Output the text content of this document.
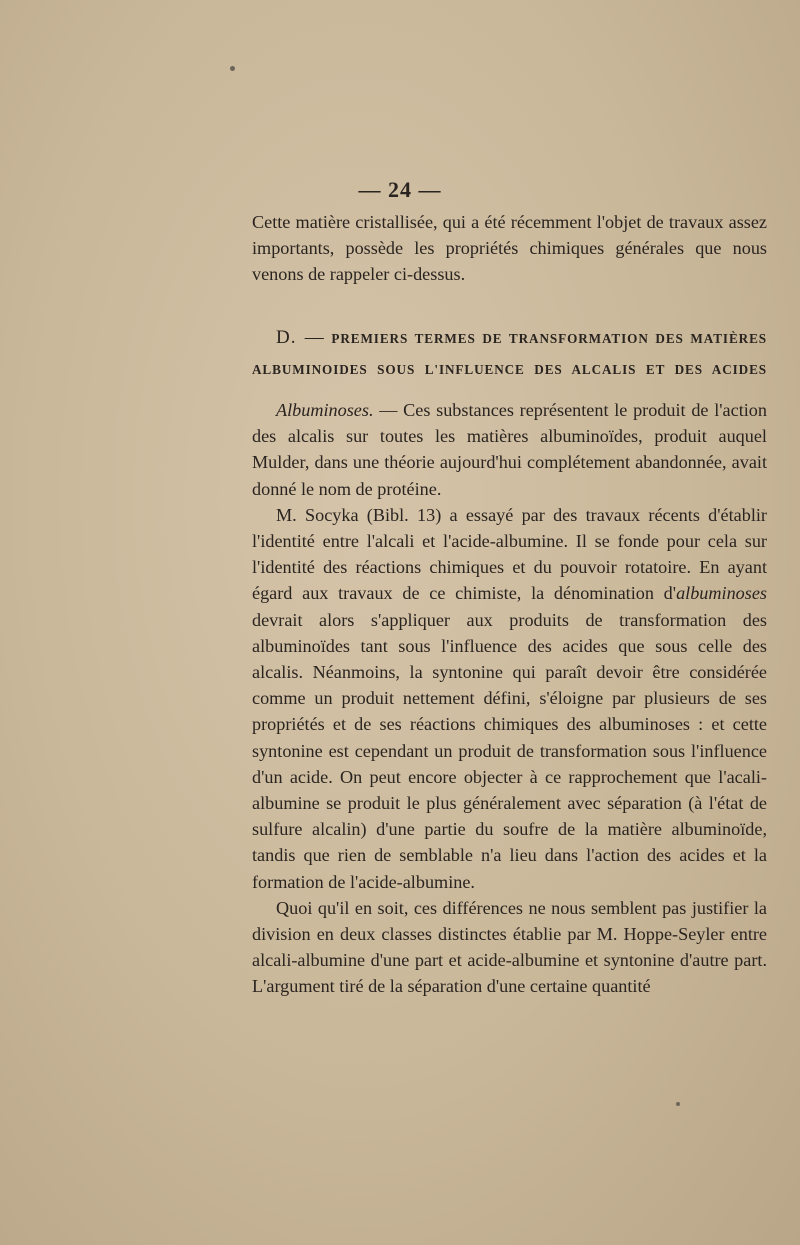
— 24 —

Cette matière cristallisée, qui a été récemment l'objet de travaux assez importants, possède les propriétés chimiques générales que nous venons de rappeler ci-dessus.

D. — PREMIERS TERMES DE TRANSFORMATION DES MATIÈRES
ALBUMINOIDES SOUS L'INFLUENCE DES ALCALIS ET DES ACIDES

Albuminoses. — Ces substances représentent le produit de l'action des alcalis sur toutes les matières albuminoïdes, produit auquel Mulder, dans une théorie aujourd'hui complétement abandonnée, avait donné le nom de protéine.

M. Socyka (Bibl. 13) a essayé par des travaux récents d'établir l'identité entre l'alcali et l'acide-albumine. Il se fonde pour cela sur l'identité des réactions chimiques et du pouvoir rotatoire. En ayant égard aux travaux de ce chimiste, la dénomination d'albuminoses devrait alors s'appliquer aux produits de transformation des albuminoïdes tant sous l'influence des acides que sous celle des alcalis. Néanmoins, la syntonine qui paraît devoir être considérée comme un produit nettement défini, s'éloigne par plusieurs de ses propriétés et de ses réactions chimiques des albuminoses : et cette syntonine est cependant un produit de transformation sous l'influence d'un acide. On peut encore objecter à ce rapprochement que l'acali-albumine se produit le plus généralement avec séparation (à l'état de sulfure alcalin) d'une partie du soufre de la matière albuminoïde, tandis que rien de semblable n'a lieu dans l'action des acides et la formation de l'acide-albumine.

Quoi qu'il en soit, ces différences ne nous semblent pas justifier la division en deux classes distinctes établie par M. Hoppe-Seyler entre alcali-albumine d'une part et acide-albumine et syntonine d'autre part. L'argument tiré de la séparation d'une certaine quantité
